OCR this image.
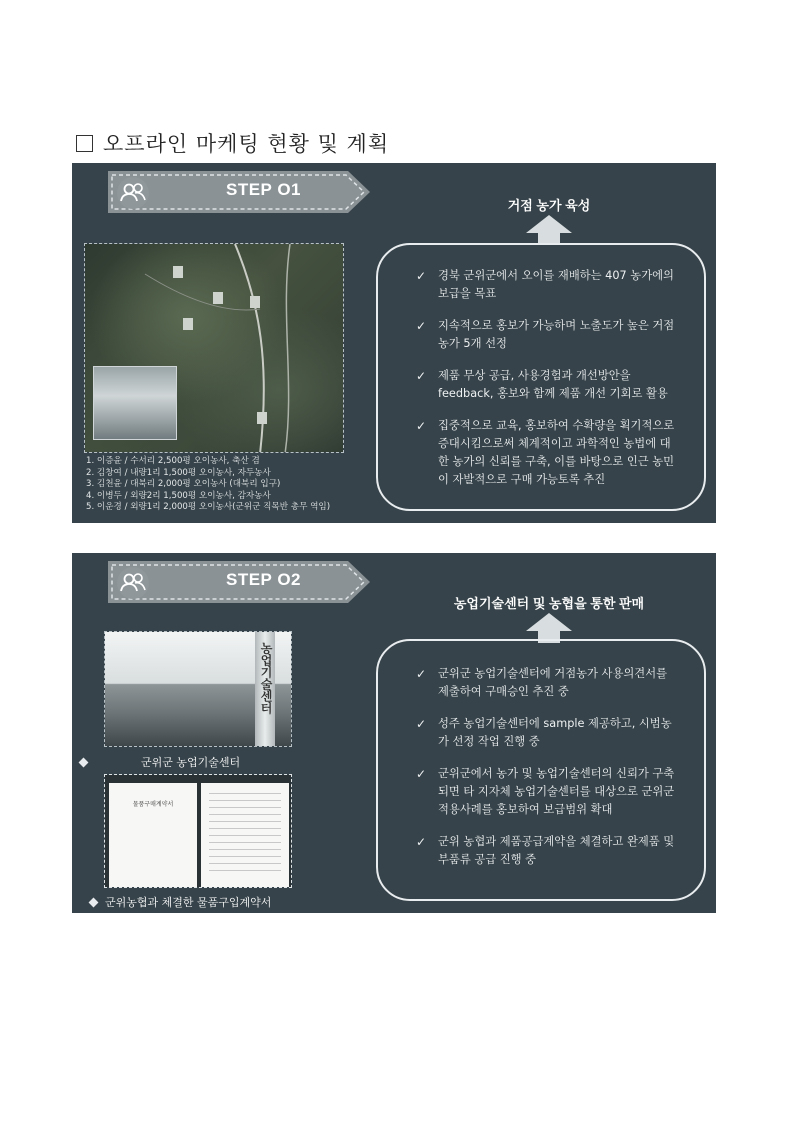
오프라인 마케팅 현황 및 계획
STEP O1
거점 농가 육성
1. 이증윤 / 수서리 2,500평 오이농사, 축산 겸
2. 김창여 / 내량1리 1,500평 오이농사, 자두농사
3. 김천윤 / 대북리 2,000평 오이농사 (대북리 입구)
4. 이병두 / 외량2리 1,500평 오이농사, 감자농사
5. 이운경 / 외량1리 2,000평 오이농사(군위군 직목반 총무 역임)
✓ 경북 군위군에서 오이를 재배하는 407 농가에의 보급을 목표
✓ 지속적으로 홍보가 가능하며 노출도가 높은 거점 농가 5개 선정
✓ 제품 무상 공급, 사용경험과 개선방안을 feedback, 홍보와 함께 제품 개선 기회로 활용
✓ 집중적으로 교육, 홍보하여 수확량을 획기적으로 증대시킴으로써 체계적이고 과학적인 농법에 대한 농가의 신뢰를 구축, 이를 바탕으로 인근 농민이 자발적으로 구매 가능토록 추진
STEP O2
농업기술센터 및 농협을 통한 판매
농업기술센터
군위군 농업기술센터
물품구매계약서
군위농협과 체결한 물품구입계약서
✓ 군위군 농업기술센터에 거점농가 사용의견서를 제출하여 구매승인 추진 중
✓ 성주 농업기술센터에 sample 제공하고, 시범농가 선정 작업 진행 중
✓ 군위군에서 농가 및 농업기술센터의 신뢰가 구축되면 타 지자체 농업기술센터를 대상으로 군위군 적용사례를 홍보하여 보급범위 확대
✓ 군위 농협과 제품공급계약을 체결하고 완제품 및 부품류 공급 진행 중
